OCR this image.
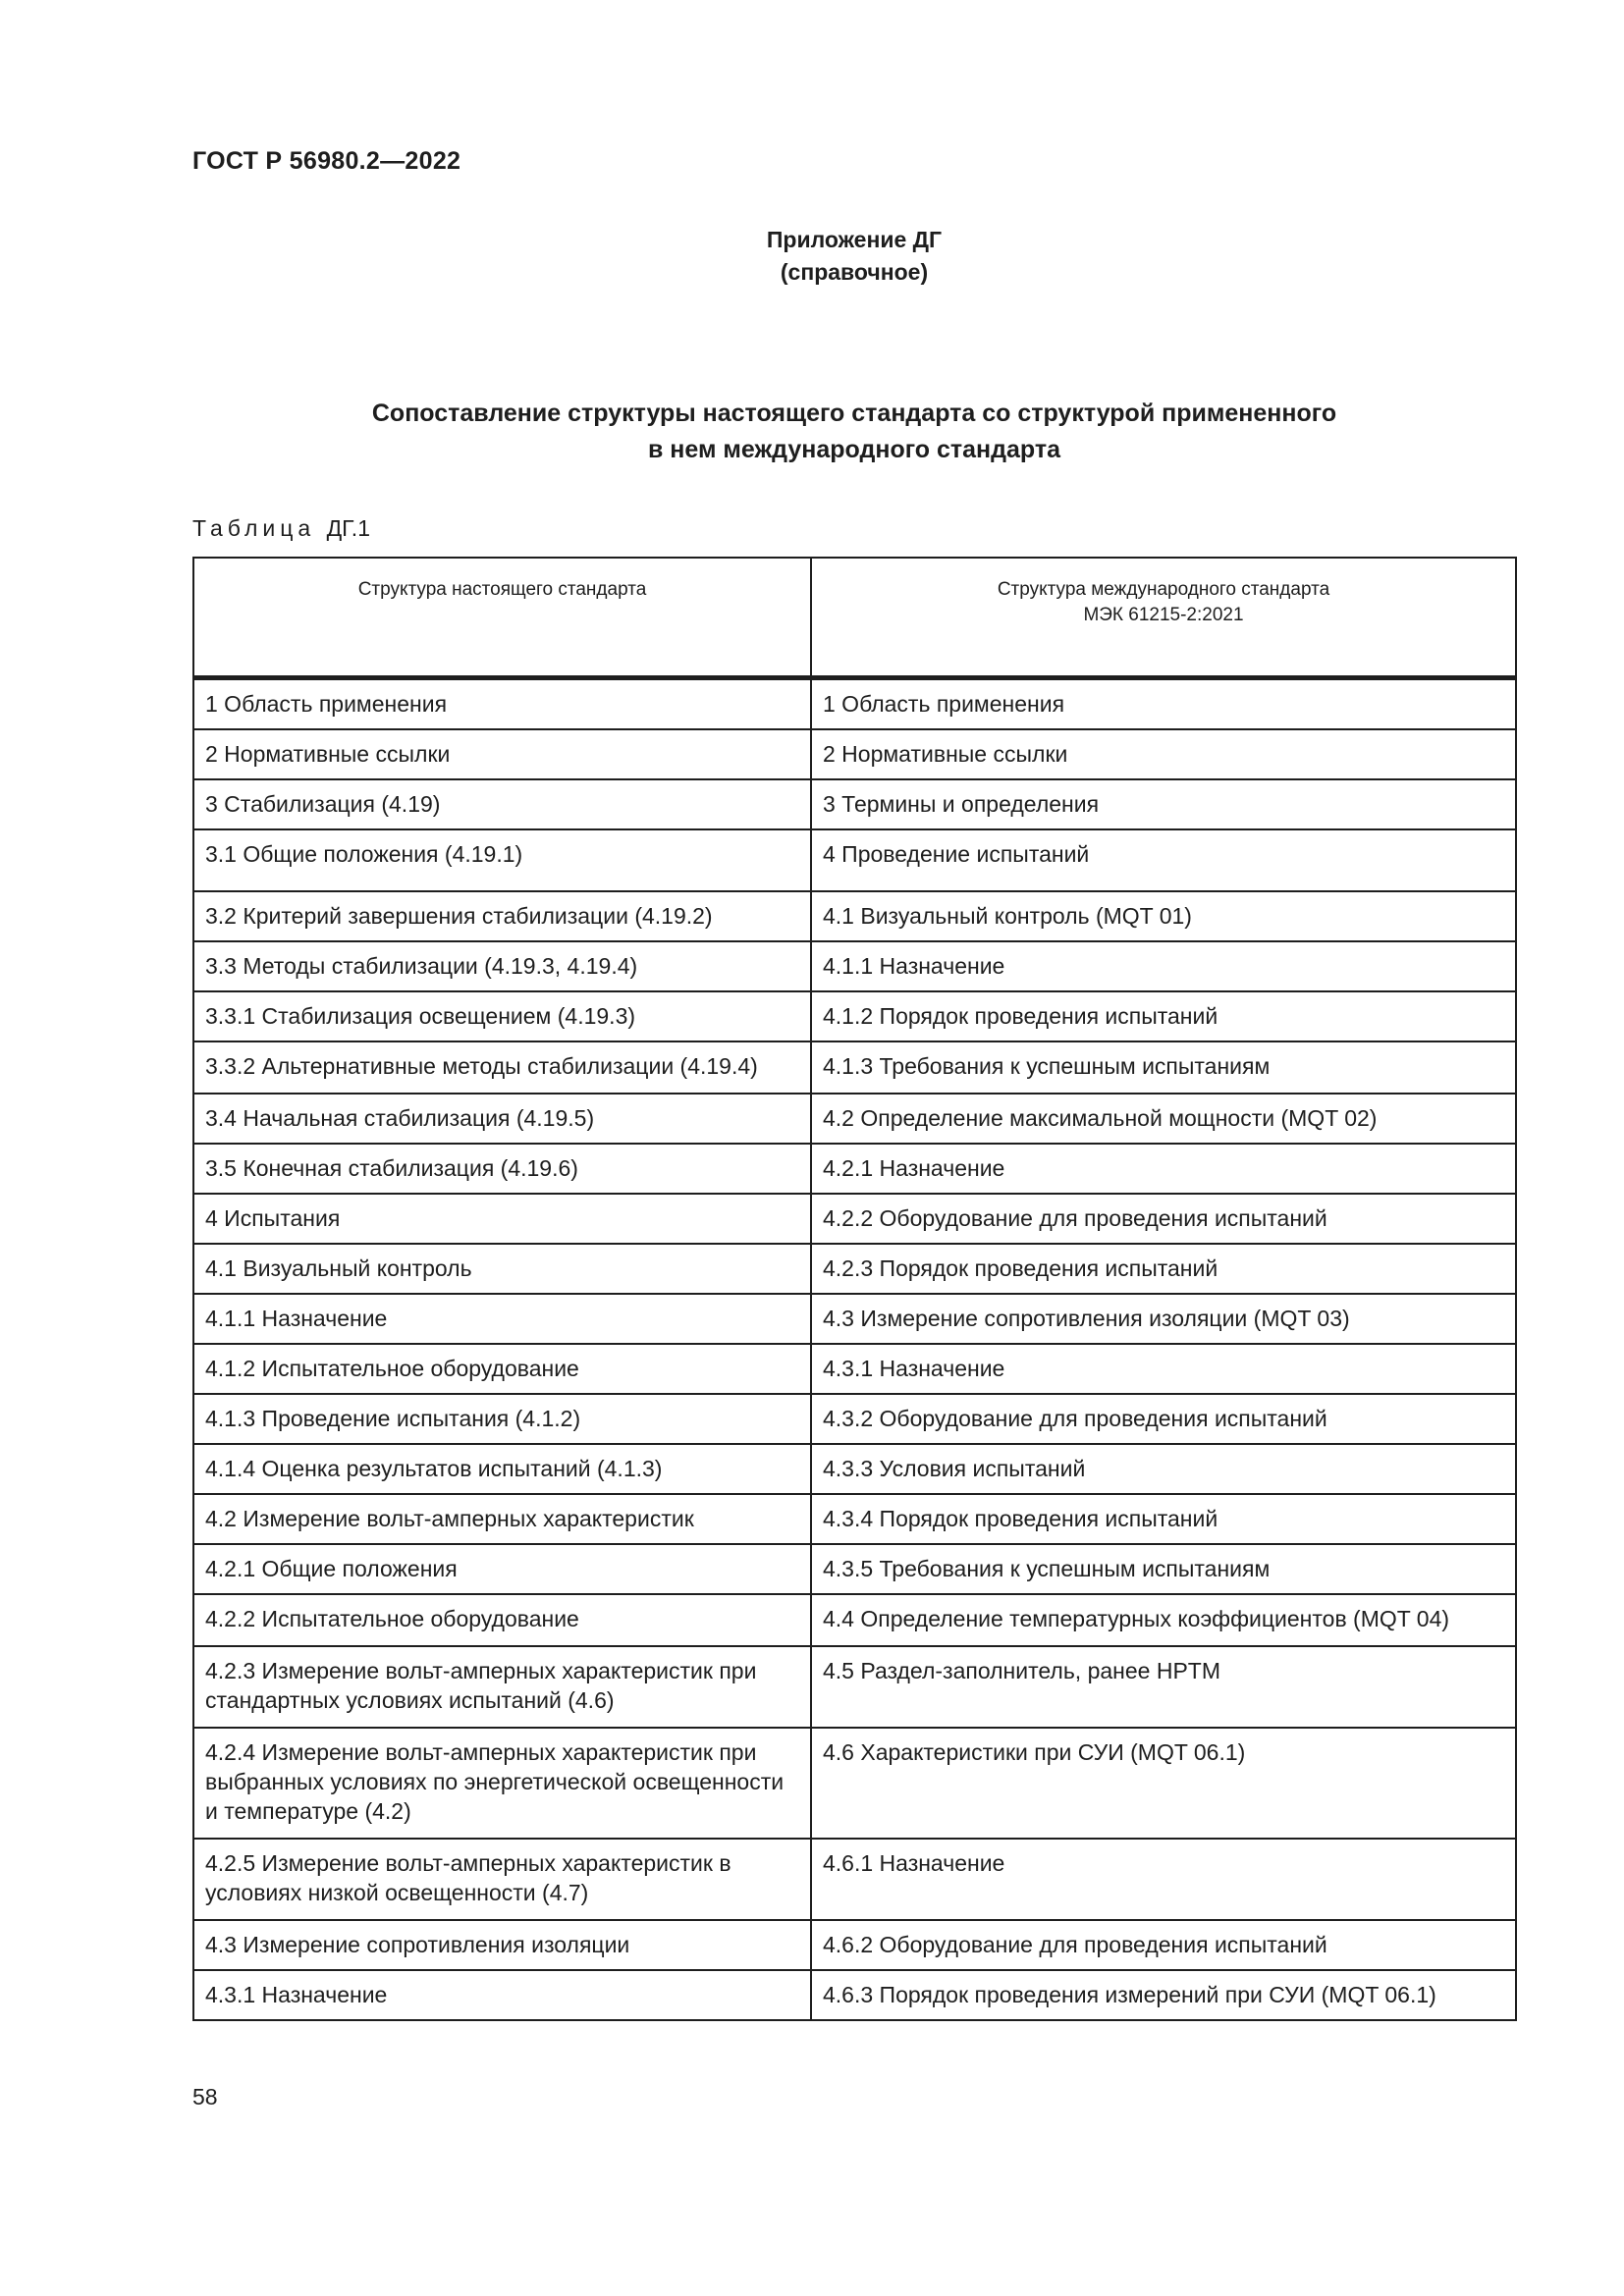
ГОСТ Р 56980.2—2022
Приложение ДГ
(справочное)
Сопоставление структуры настоящего стандарта со структурой примененного
в нем международного стандарта
Таблица ДГ.1
Структура настоящего стандарта	Структура международного стандарта
МЭК 61215-2:2021

1 Область применения	1 Область применения
2 Нормативные ссылки	2 Нормативные ссылки
3 Стабилизация (4.19)	3 Термины и определения
3.1 Общие положения (4.19.1)	4 Проведение испытаний
3.2 Критерий завершения стабилизации (4.19.2)	4.1 Визуальный контроль (MQT 01)
3.3 Методы стабилизации (4.19.3, 4.19.4)	4.1.1 Назначение
3.3.1 Стабилизация освещением (4.19.3)	4.1.2 Порядок проведения испытаний
3.3.2 Альтернативные методы стабилизации (4.19.4)	4.1.3 Требования к успешным испытаниям
3.4 Начальная стабилизация (4.19.5)	4.2 Определение максимальной мощности (MQT 02)
3.5 Конечная стабилизация (4.19.6)	4.2.1 Назначение
4 Испытания	4.2.2 Оборудование для проведения испытаний
4.1 Визуальный контроль	4.2.3 Порядок проведения испытаний
4.1.1 Назначение	4.3 Измерение сопротивления изоляции (MQT 03)
4.1.2 Испытательное оборудование	4.3.1 Назначение
4.1.3 Проведение испытания (4.1.2)	4.3.2 Оборудование для проведения испытаний
4.1.4 Оценка результатов испытаний (4.1.3)	4.3.3 Условия испытаний
4.2 Измерение вольт-амперных характеристик	4.3.4 Порядок проведения испытаний
4.2.1 Общие положения	4.3.5 Требования к успешным испытаниям
4.2.2 Испытательное оборудование	4.4 Определение температурных коэффициентов (MQT 04)
4.2.3 Измерение вольт-амперных характеристик при стандартных условиях испытаний (4.6)	4.5 Раздел-заполнитель, ранее HPTM
4.2.4 Измерение вольт-амперных характеристик при выбранных условиях по энергетической освещенности и температуре (4.2)	4.6 Характеристики при СУИ (MQT 06.1)
4.2.5 Измерение вольт-амперных характеристик в условиях низкой освещенности (4.7)	4.6.1 Назначение
4.3 Измерение сопротивления изоляции	4.6.2 Оборудование для проведения испытаний
4.3.1 Назначение	4.6.3 Порядок проведения измерений при СУИ (MQT 06.1)
58
